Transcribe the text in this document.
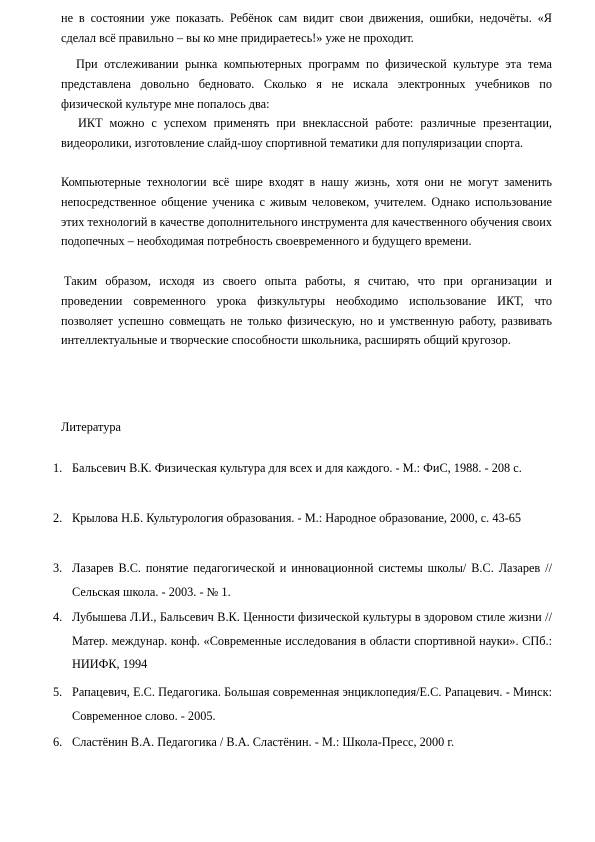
не в состоянии уже показать. Ребёнок сам видит свои движения, ошибки, недочёты. «Я сделал всё правильно – вы ко мне придираетесь!» уже не проходит.

При отслеживании рынка компьютерных программ по физической культуре эта тема представлена довольно бедновато. Сколько я не искала электронных учебников по физической культуре мне попалось два:

ИКТ можно с успехом применять при внеклассной работе: различные презентации, видеоролики, изготовление слайд-шоу спортивной тематики для популяризации спорта.

Компьютерные технологии всё шире входят в нашу жизнь, хотя они не могут заменить непосредственное общение ученика с живым человеком, учителем. Однако использование этих технологий в качестве дополнительного инструмента для качественного обучения своих подопечных – необходимая потребность своевременного и будущего времени.

Таким образом, исходя из своего опыта работы, я считаю, что при организации и проведении современного урока физкультуры необходимо использование ИКТ, что позволяет успешно совмещать не только физическую, но и умственную работу, развивать интеллектуальные и творческие способности школьника, расширять общий кругозор.

Литература
1. Бальсевич В.К. Физическая культура для всех и для каждого. - М.: ФиС, 1988. - 208 с.
2. Крылова Н.Б. Культурология образования. - М.: Народное образование, 2000, с. 43-65
3. Лазарев В.С. понятие педагогической и инновационной системы школы/ В.С. Лазарев // Сельская школа. - 2003. - № 1.
4. Лубышева Л.И., Бальсевич В.К. Ценности физической культуры в здоровом стиле жизни // Матер. междунар. конф. «Современные исследования в области спортивной науки». СПб.: НИИФК, 1994
5. Рапацевич, Е.С. Педагогика. Большая современная энциклопедия/Е.С. Рапацевич. - Минск: Современное слово. - 2005.
6. Сластёнин В.А. Педагогика / В.А. Сластёнин. - М.: Школа-Пресс, 2000 г.
